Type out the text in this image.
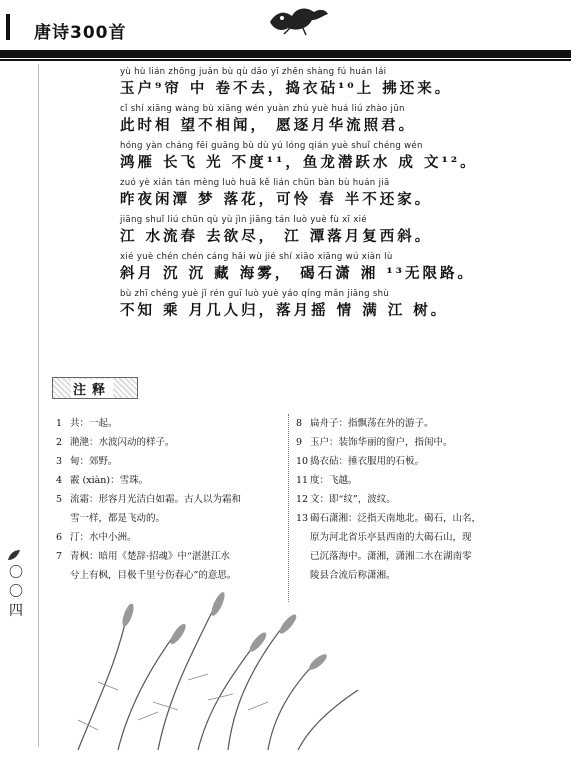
唐诗300首
yù hù lián zhōng juǎn bù qù dǎo yī zhēn shàng fú huán lái
玉户⁹帘 中 卷不去，捣衣砧¹⁰上 拂还来。
cǐ shí xiāng wàng bù xiāng wén yuàn zhú yuè huá liú zhào jūn
此时相 望不相闻， 愿逐月华流照君。
hóng yàn cháng fēi guāng bù dù yú lóng qián yuè shuǐ chéng wén
鸿雁 长飞 光 不度¹¹，鱼龙潜跃水 成 文¹²。
zuó yè xián tán mèng luò huā kě lián chūn bàn bù huán jiā
昨夜闲潭 梦 落花，可怜 春 半不还家。
jiāng shuǐ liú chūn qù yù jìn jiāng tán luò yuè fù xī xié
江 水流春 去欲尽， 江 潭落月复西斜。
xié yuè chén chén cáng hǎi wù jié shí xiāo xiāng wú xiàn lù
斜月 沉 沉 藏 海雾， 碣石潇 湘 ¹³无限路。
bù zhī chéng yuè jǐ rén guī luò yuè yáo qíng mǎn jiāng shù
不知 乘 月几人归，落月摇 情 满 江 树。
注释
1 共：一起。
2 滟滟：水波闪动的样子。
3 甸：郊野。
4 霰 (xiàn)：雪珠。
5 流霜：形容月光洁白如霜。古人以为霜和
雪一样，都是飞动的。
6 汀：水中小洲。
7 青枫：暗用《楚辞·招魂》中“湛湛江水
兮上有枫，目极千里兮伤春心”的意思。
8 扁舟子：指飘荡在外的游子。
9 玉户：装饰华丽的窗户，指闺中。
10 捣衣砧：捶衣服用的石板。
11 度：飞越。
12 文：即“纹”，波纹。
13 碣石潇湘：泛指天南地北。碣石，山名，
原为河北省乐亭县西南的大碣石山，现
已沉落海中。潇湘，潇湘二水在湖南零
陵县合流后称潇湘。
〇
〇
四
